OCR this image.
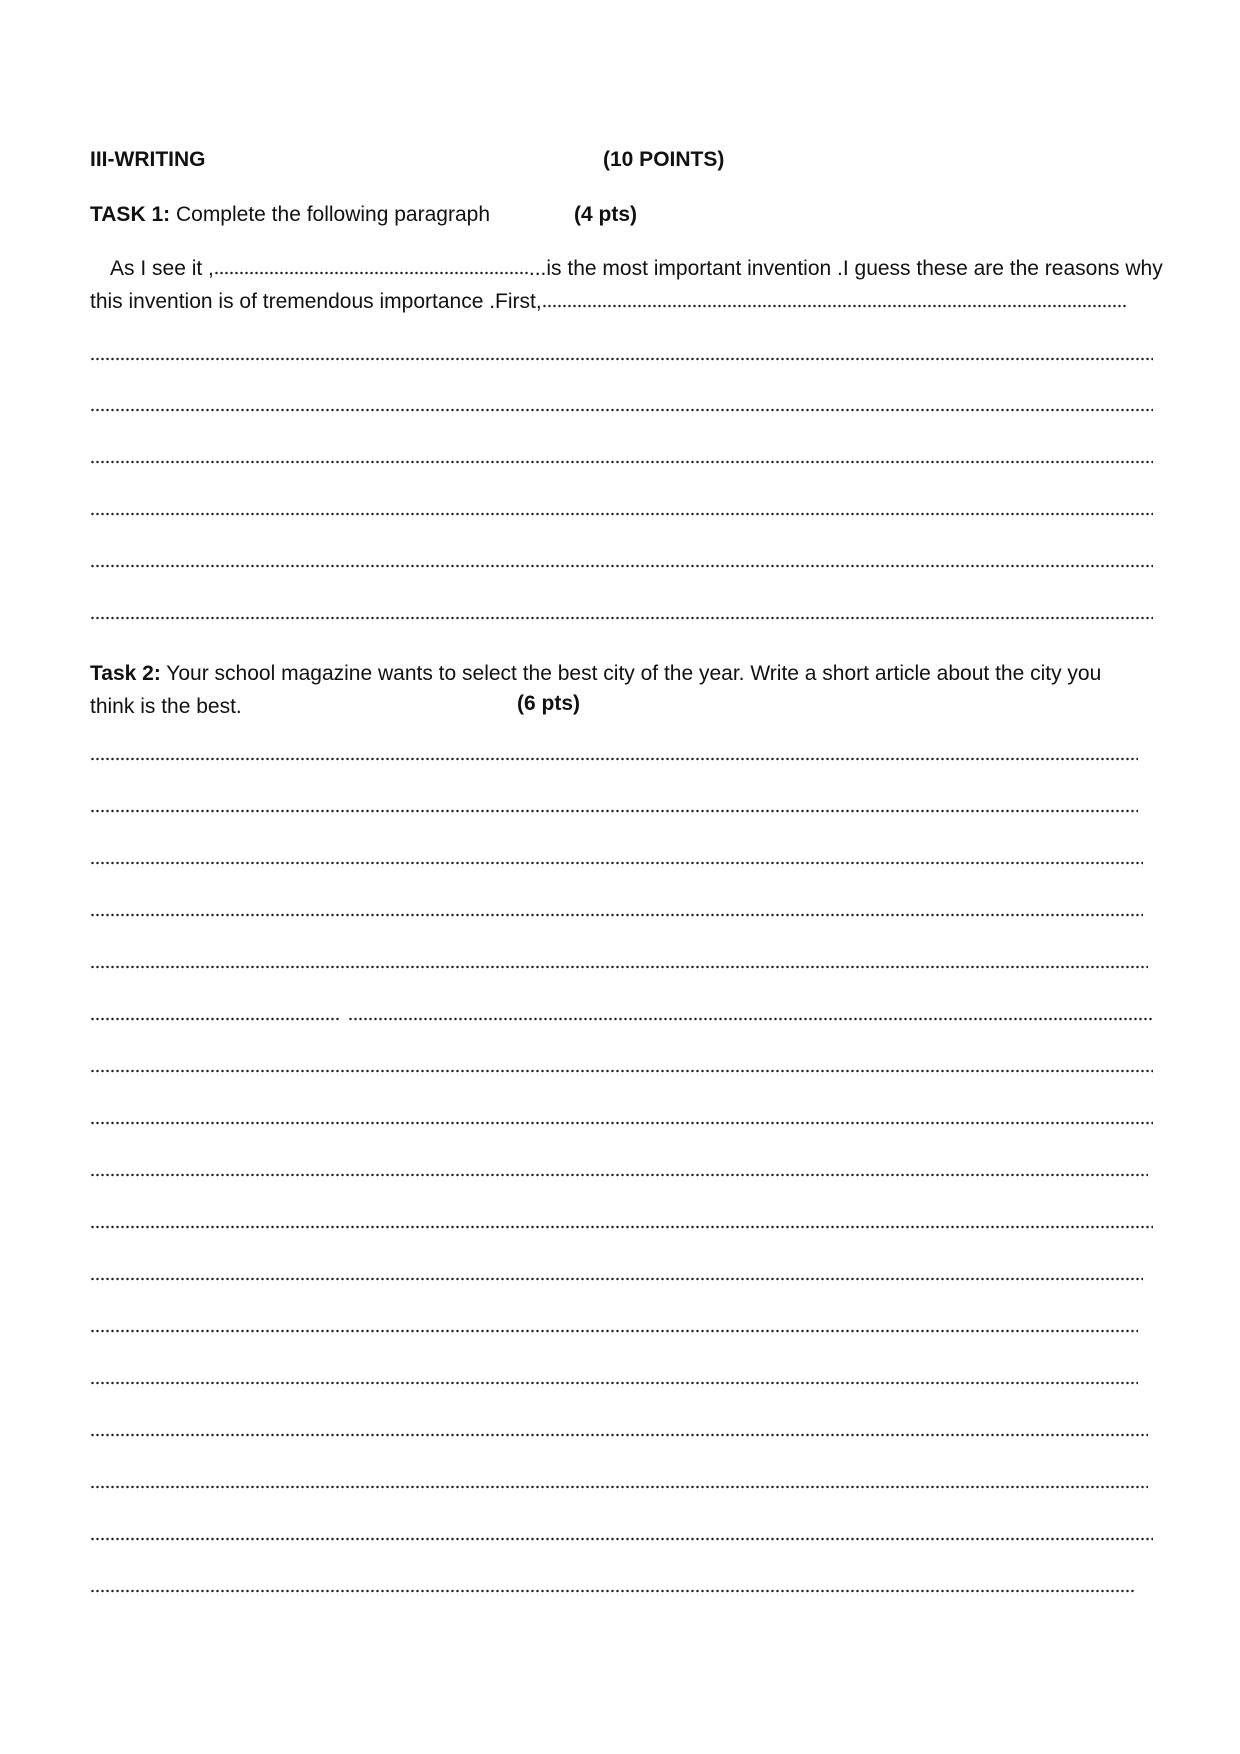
III-WRITING	(10 POINTS)
TASK 1: Complete the following paragraph	(4 pts)
As I see it ,	...is the most important invention .I guess these are the reasons why
this invention is of tremendous importance .First,
Task 2: Your school magazine wants to select the best city of the year. Write a short article about the city you
think is the best.	(6 pts)
